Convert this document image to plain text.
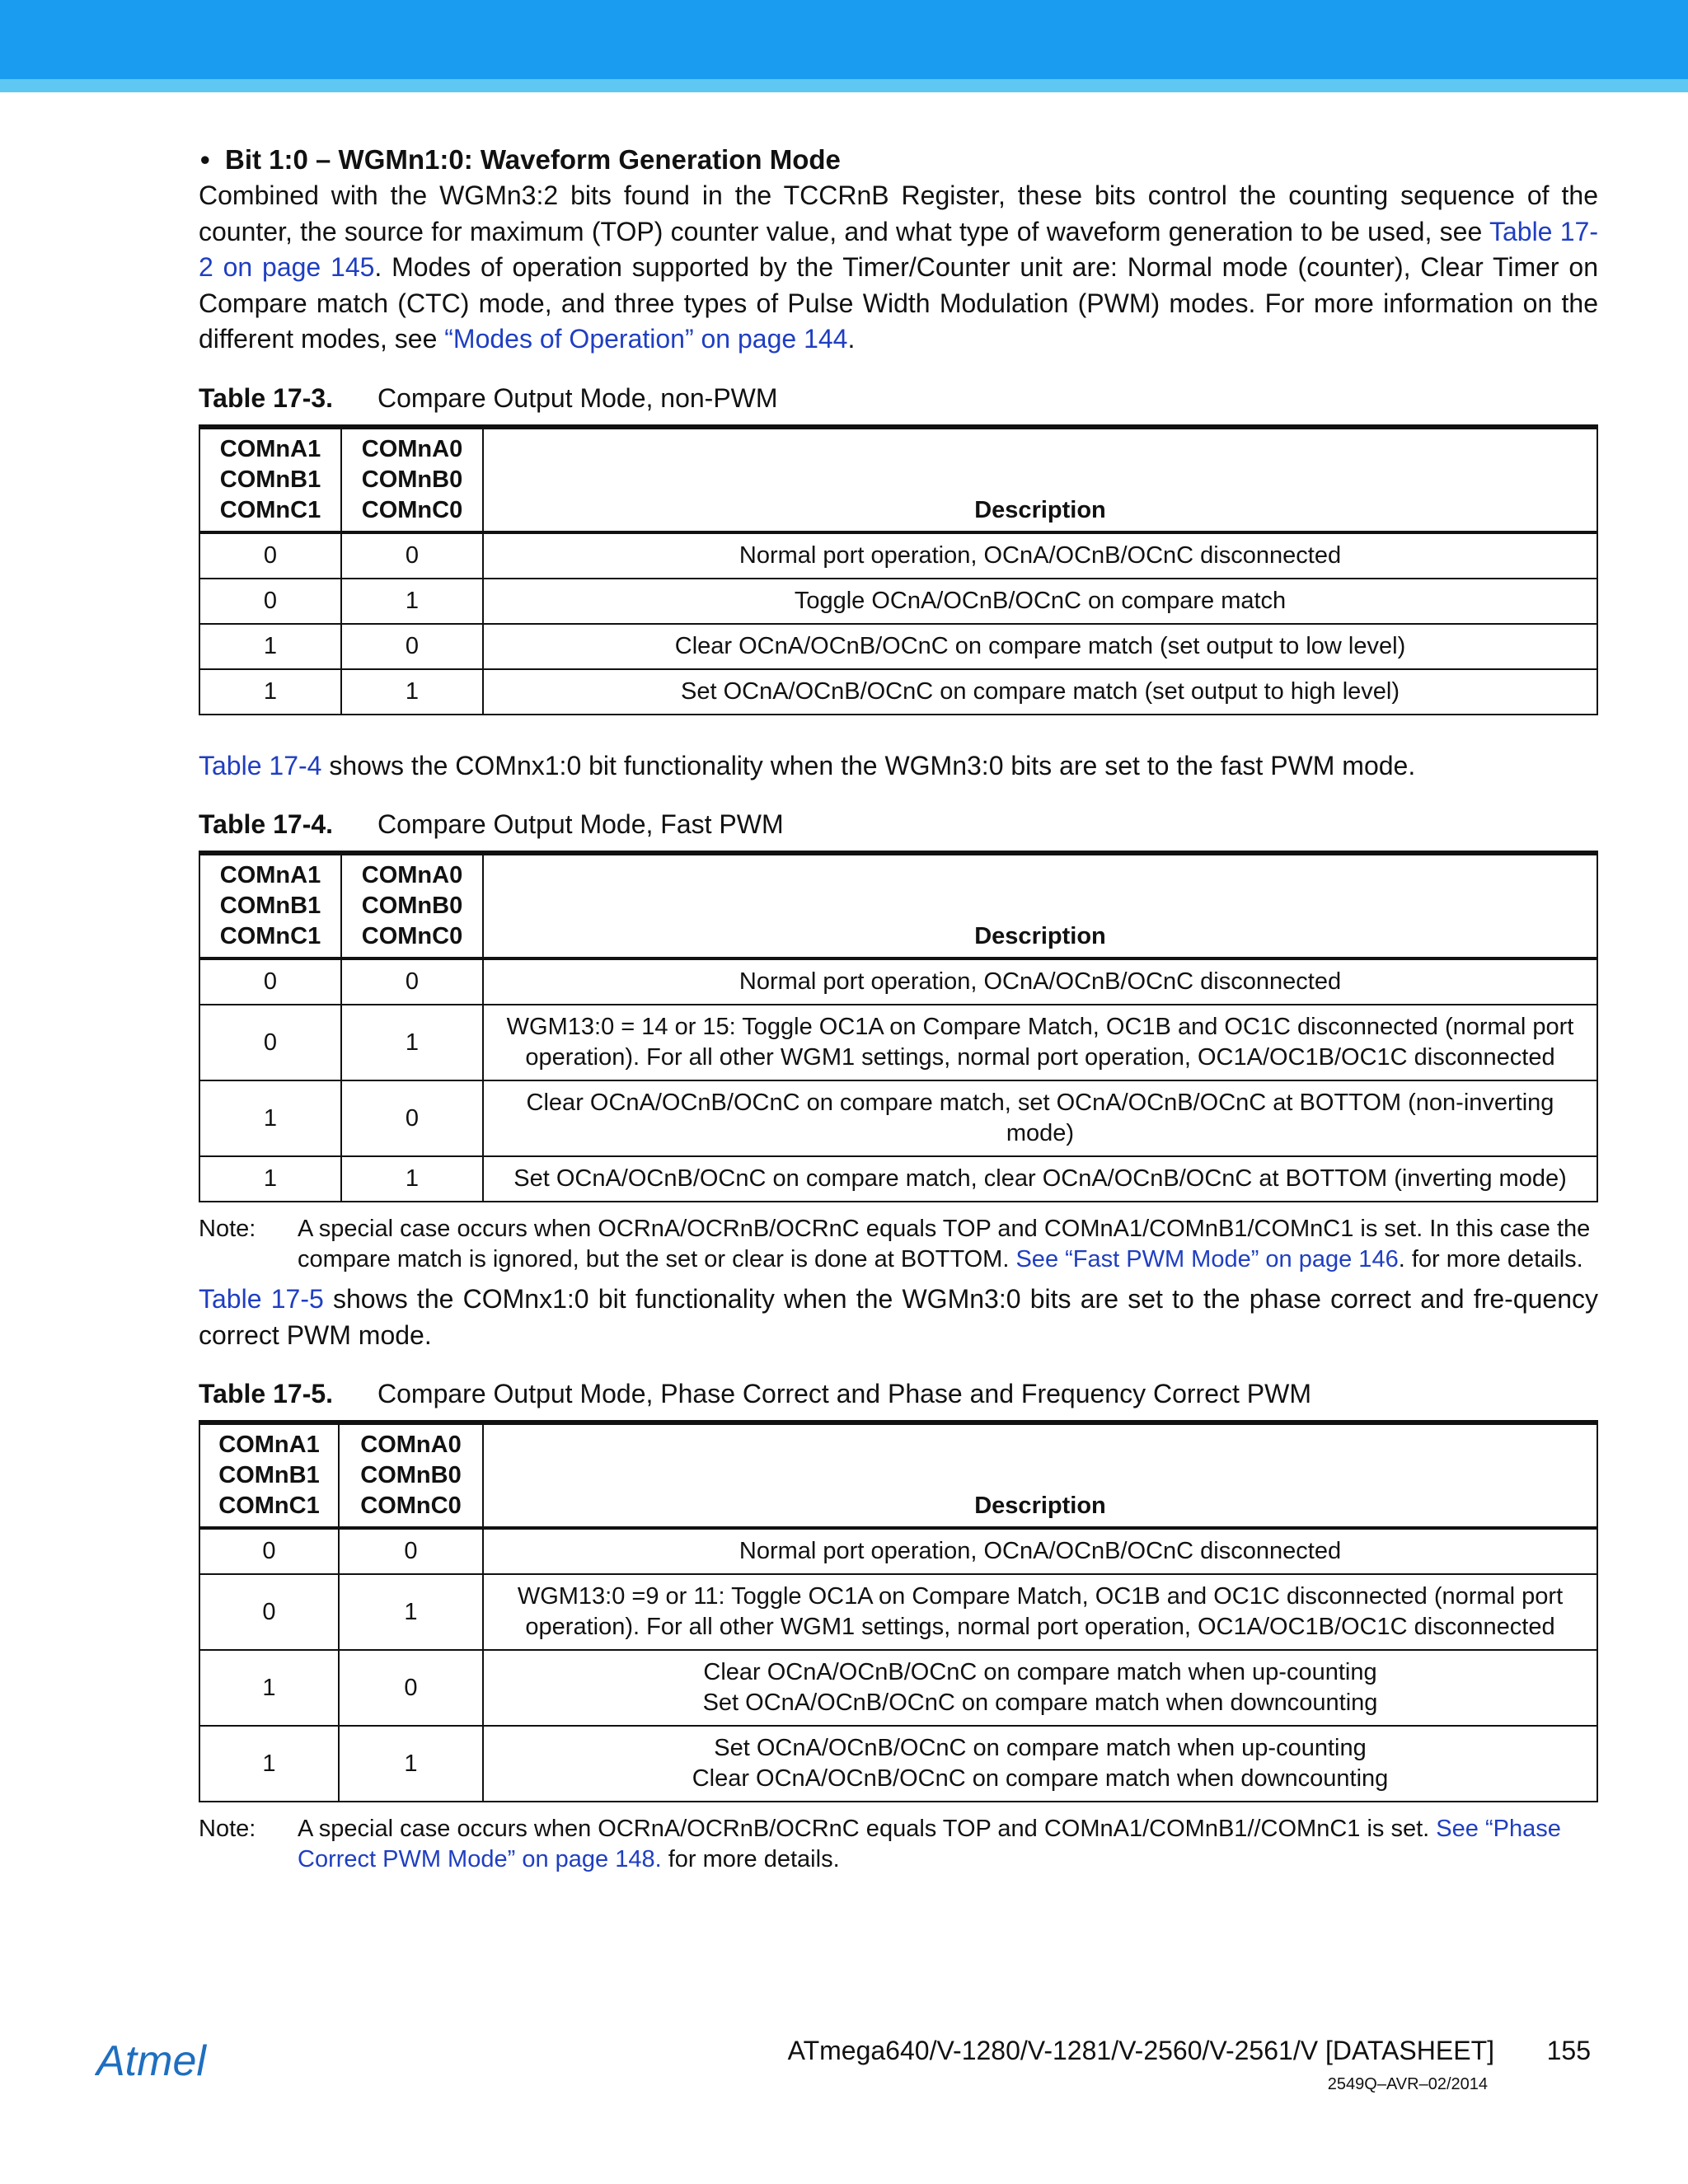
• Bit 1:0 – WGMn1:0: Waveform Generation Mode

Combined with the WGMn3:2 bits found in the TCCRnB Register, these bits control the counting sequence of the counter, the source for maximum (TOP) counter value, and what type of waveform generation to be used, see Table 17-2 on page 145. Modes of operation supported by the Timer/Counter unit are: Normal mode (counter), Clear Timer on Compare match (CTC) mode, and three types of Pulse Width Modulation (PWM) modes. For more information on the different modes, see “Modes of Operation” on page 144.

Table 17-3. Compare Output Mode, non-PWM

COMnA1
COMnB1
COMnC1	COMnA0
COMnB0
COMnC0	Description
0	0	Normal port operation, OCnA/OCnB/OCnC disconnected
0	1	Toggle OCnA/OCnB/OCnC on compare match
1	0	Clear OCnA/OCnB/OCnC on compare match (set output to low level)
1	1	Set OCnA/OCnB/OCnC on compare match (set output to high level)

Table 17-4 shows the COMnx1:0 bit functionality when the WGMn3:0 bits are set to the fast PWM mode.

Table 17-4. Compare Output Mode, Fast PWM

COMnA1
COMnB1
COMnC1	COMnA0
COMnB0
COMnC0	Description
0	0	Normal port operation, OCnA/OCnB/OCnC disconnected
0	1	WGM13:0 = 14 or 15: Toggle OC1A on Compare Match, OC1B and OC1C disconnected (normal port operation). For all other WGM1 settings, normal port operation, OC1A/OC1B/OC1C disconnected
1	0	Clear OCnA/OCnB/OCnC on compare match, set OCnA/OCnB/OCnC at BOTTOM (non-inverting mode)
1	1	Set OCnA/OCnB/OCnC on compare match, clear OCnA/OCnB/OCnC at BOTTOM (inverting mode)

Note: A special case occurs when OCRnA/OCRnB/OCRnC equals TOP and COMnA1/COMnB1/COMnC1 is set. In this case the compare match is ignored, but the set or clear is done at BOTTOM. See “Fast PWM Mode” on page 146. for more details.

Table 17-5 shows the COMnx1:0 bit functionality when the WGMn3:0 bits are set to the phase correct and fre-quency correct PWM mode.

Table 17-5. Compare Output Mode, Phase Correct and Phase and Frequency Correct PWM

COMnA1
COMnB1
COMnC1	COMnA0
COMnB0
COMnC0	Description
0	0	Normal port operation, OCnA/OCnB/OCnC disconnected
0	1	WGM13:0 =9 or 11: Toggle OC1A on Compare Match, OC1B and OC1C disconnected (normal port operation). For all other WGM1 settings, normal port operation, OC1A/OC1B/OC1C disconnected
1	0	Clear OCnA/OCnB/OCnC on compare match when up-counting
Set OCnA/OCnB/OCnC on compare match when downcounting
1	1	Set OCnA/OCnB/OCnC on compare match when up-counting
Clear OCnA/OCnB/OCnC on compare match when downcounting

Note: A special case occurs when OCRnA/OCRnB/OCRnC equals TOP and COMnA1/COMnB1//COMnC1 is set. See “Phase Correct PWM Mode” on page 148. for more details.

Atmel	ATmega640/V-1280/V-1281/V-2560/V-2561/V [DATASHEET]	155
2549Q–AVR–02/2014
